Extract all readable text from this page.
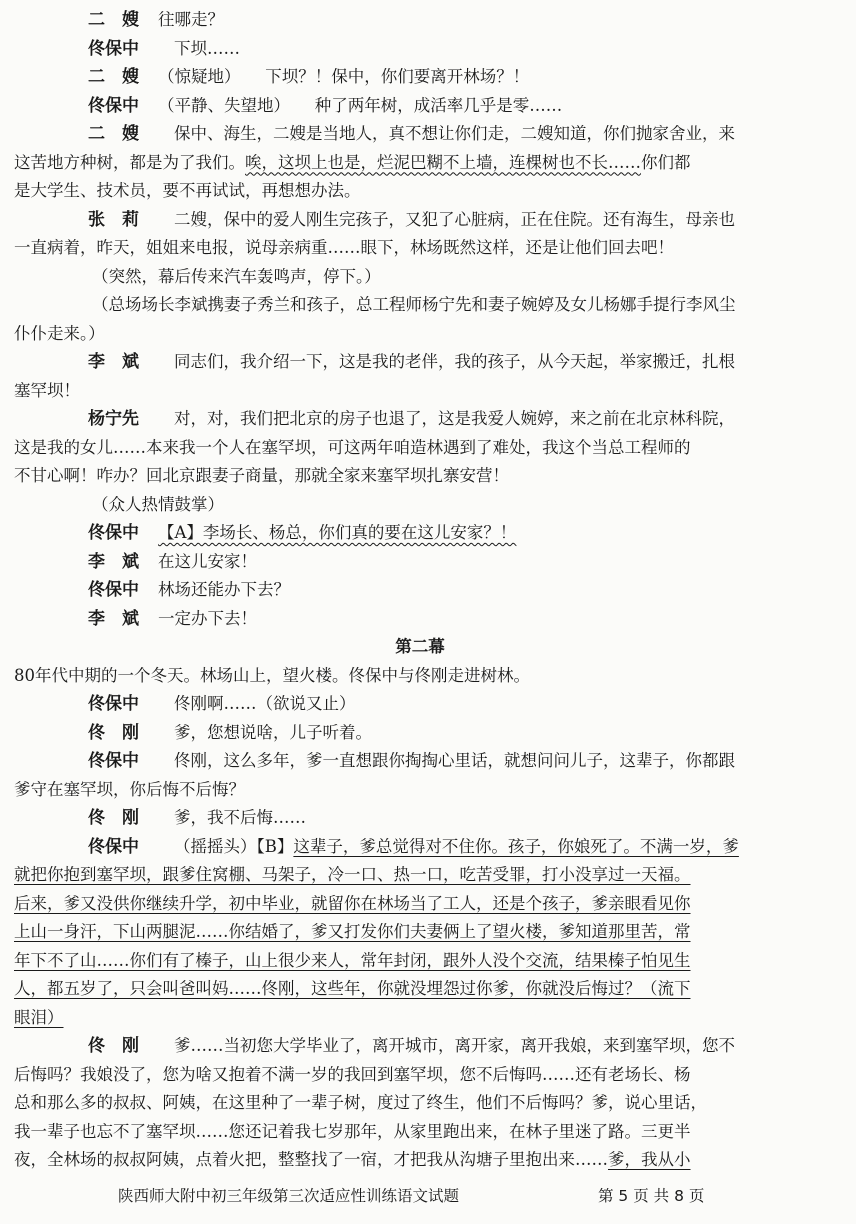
二　嫂 往哪走？
佟保中 下坝……
二　嫂 （惊疑地）　　下坝？！保中，你们要离开林场？！
佟保中 （平静、失望地）　　种了两年树，成活率几乎是零……
二　嫂 保中、海生，二嫂是当地人，真不想让你们走，二嫂知道，你们抛家舍业，来
这苦地方种树，都是为了我们。唉，这坝上也是，烂泥巴糊不上墙，连棵树也不长……你们都
是大学生、技术员，要不再试试，再想想办法。
张　莉 二嫂，保中的爱人刚生完孩子，又犯了心脏病，正在住院。还有海生，母亲也
一直病着，昨天，姐姐来电报，说母亲病重……眼下，林场既然这样，还是让他们回去吧！
（突然，幕后传来汽车轰鸣声，停下。）
（总场场长李斌携妻子秀兰和孩子，总工程师杨宁先和妻子婉婷及女儿杨娜手提行李风尘
仆仆走来。）
李　斌 同志们，我介绍一下，这是我的老伴，我的孩子，从今天起，举家搬迁，扎根
塞罕坝！
杨宁先 对，对，我们把北京的房子也退了，这是我爱人婉婷，来之前在北京林科院，
这是我的女儿……本来我一个人在塞罕坝，可这两年咱造林遇到了难处，我这个当总工程师的
不甘心啊！咋办？回北京跟妻子商量，那就全家来塞罕坝扎寨安营！
（众人热情鼓掌）
佟保中 【A】李场长、杨总，你们真的要在这儿安家？！
李　斌 在这儿安家！
佟保中 林场还能办下去？
李　斌 一定办下去！
第二幕
80年代中期的一个冬天。林场山上，望火楼。佟保中与佟刚走进树林。
佟保中 佟刚啊……（欲说又止）
佟　刚 爹，您想说啥，儿子听着。
佟保中 佟刚，这么多年，爹一直想跟你掏掏心里话，就想问问儿子，这辈子，你都跟
爹守在塞罕坝，你后悔不后悔？
佟　刚 爹，我不后悔……
佟保中 （摇摇头）【B】这辈子，爹总觉得对不住你。孩子，你娘死了。不满一岁，爹
就把你抱到塞罕坝，跟爹住窝棚、马架子，冷一口、热一口，吃苦受罪，打小没享过一天福。
后来，爹又没供你继续升学，初中毕业，就留你在林场当了工人，还是个孩子，爹亲眼看见你
上山一身汗，下山两腿泥……你结婚了，爹又打发你们夫妻俩上了望火楼，爹知道那里苦，常
年下不了山……你们有了榛子，山上很少来人，常年封闭，跟外人没个交流，结果榛子怕见生
人，都五岁了，只会叫爸叫妈……佟刚，这些年，你就没埋怨过你爹，你就没后悔过？（流下
眼泪）
佟　刚 爹……当初您大学毕业了，离开城市，离开家，离开我娘，来到塞罕坝，您不
后悔吗？我娘没了，您为啥又抱着不满一岁的我回到塞罕坝，您不后悔吗……还有老场长、杨
总和那么多的叔叔、阿姨，在这里种了一辈子树，度过了终生，他们不后悔吗？爹，说心里话，
我一辈子也忘不了塞罕坝……您还记着我七岁那年，从家里跑出来，在林子里迷了路。三更半
夜，全林场的叔叔阿姨，点着火把，整整找了一宿，才把我从沟塘子里抱出来……爹，我从小
陕西师大附中初三年级第三次适应性训练语文试题	第 5 页 共 8 页
